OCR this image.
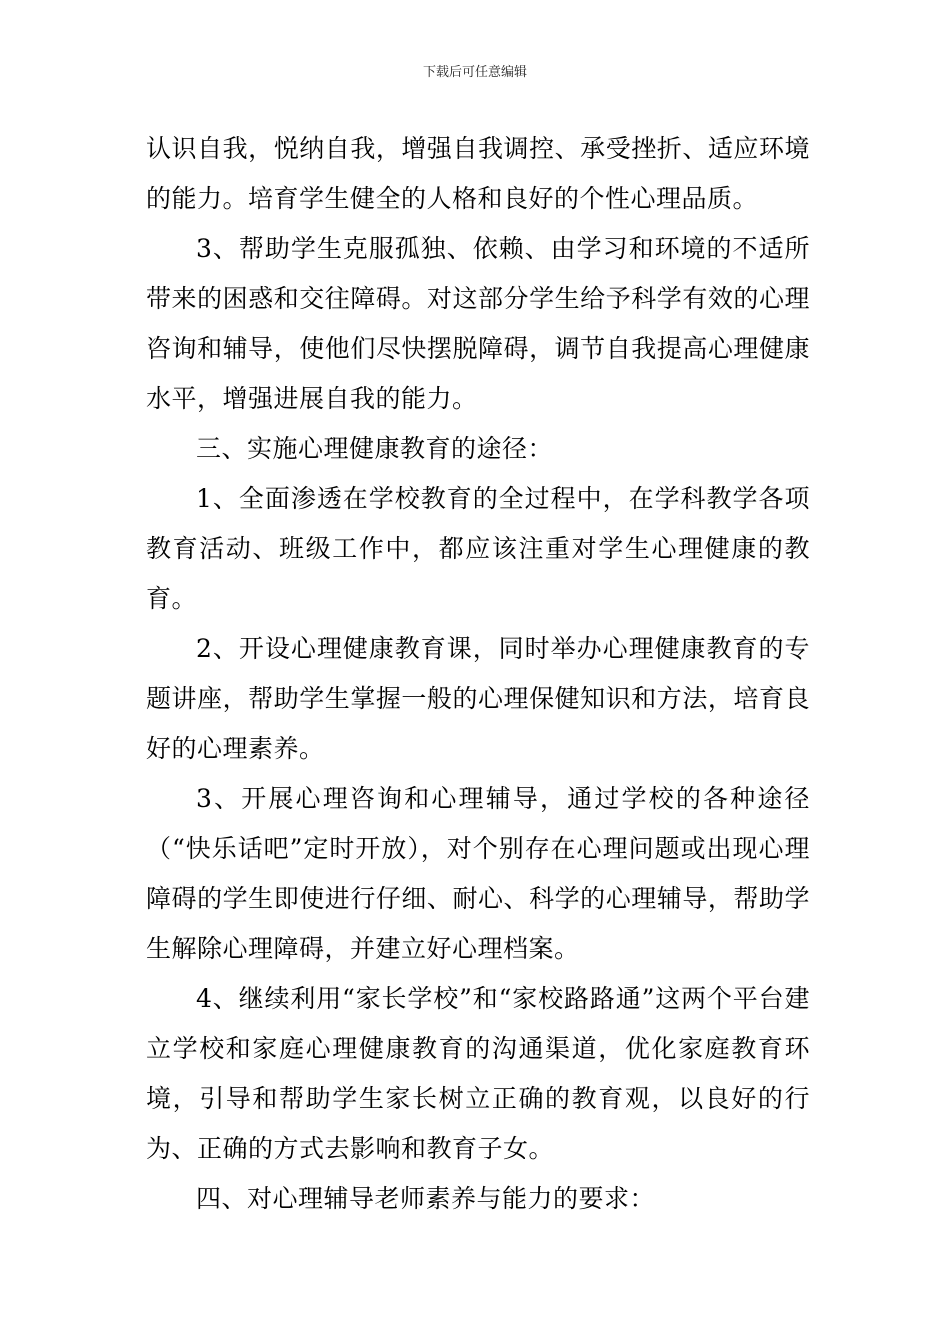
下载后可任意编辑

认识自我，悦纳自我，增强自我调控、承受挫折、适应环境的能力。培育学生健全的人格和良好的个性心理品质。

3、帮助学生克服孤独、依赖、由学习和环境的不适所带来的困惑和交往障碍。对这部分学生给予科学有效的心理咨询和辅导，使他们尽快摆脱障碍，调节自我提高心理健康水平，增强进展自我的能力。

三、实施心理健康教育的途径：

1、全面渗透在学校教育的全过程中，在学科教学各项教育活动、班级工作中，都应该注重对学生心理健康的教育。

2、开设心理健康教育课，同时举办心理健康教育的专题讲座，帮助学生掌握一般的心理保健知识和方法，培育良好的心理素养。

3、开展心理咨询和心理辅导，通过学校的各种途径（“快乐话吧”定时开放），对个别存在心理问题或出现心理障碍的学生即使进行仔细、耐心、科学的心理辅导，帮助学生解除心理障碍，并建立好心理档案。

4、继续利用“家长学校”和“家校路路通”这两个平台建立学校和家庭心理健康教育的沟通渠道，优化家庭教育环境，引导和帮助学生家长树立正确的教育观，以良好的行为、正确的方式去影响和教育子女。

四、对心理辅导老师素养与能力的要求：
